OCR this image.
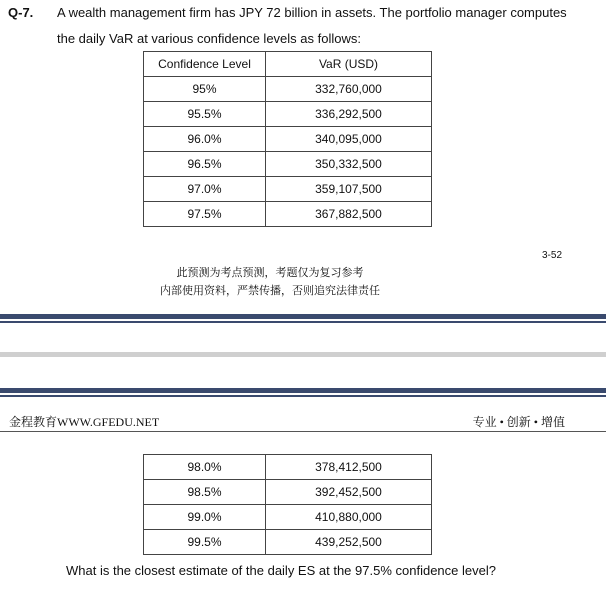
Q-7. A wealth management firm has JPY 72 billion in assets. The portfolio manager computes
the daily VaR at various confidence levels as follows:
Confidence Level	VaR (USD)
95%	332,760,000
95.5%	336,292,500
96.0%	340,095,000
96.5%	350,332,500
97.0%	359,107,500
97.5%	367,882,500
3-52
此预测为考点预测，考题仅为复习参考
内部使用资料，严禁传播，否则追究法律责任
金程教育WWW.GFEDU.NET	专业 • 创新 • 增值
98.0%	378,412,500
98.5%	392,452,500
99.0%	410,880,000
99.5%	439,252,500
What is the closest estimate of the daily ES at the 97.5% confidence level?
